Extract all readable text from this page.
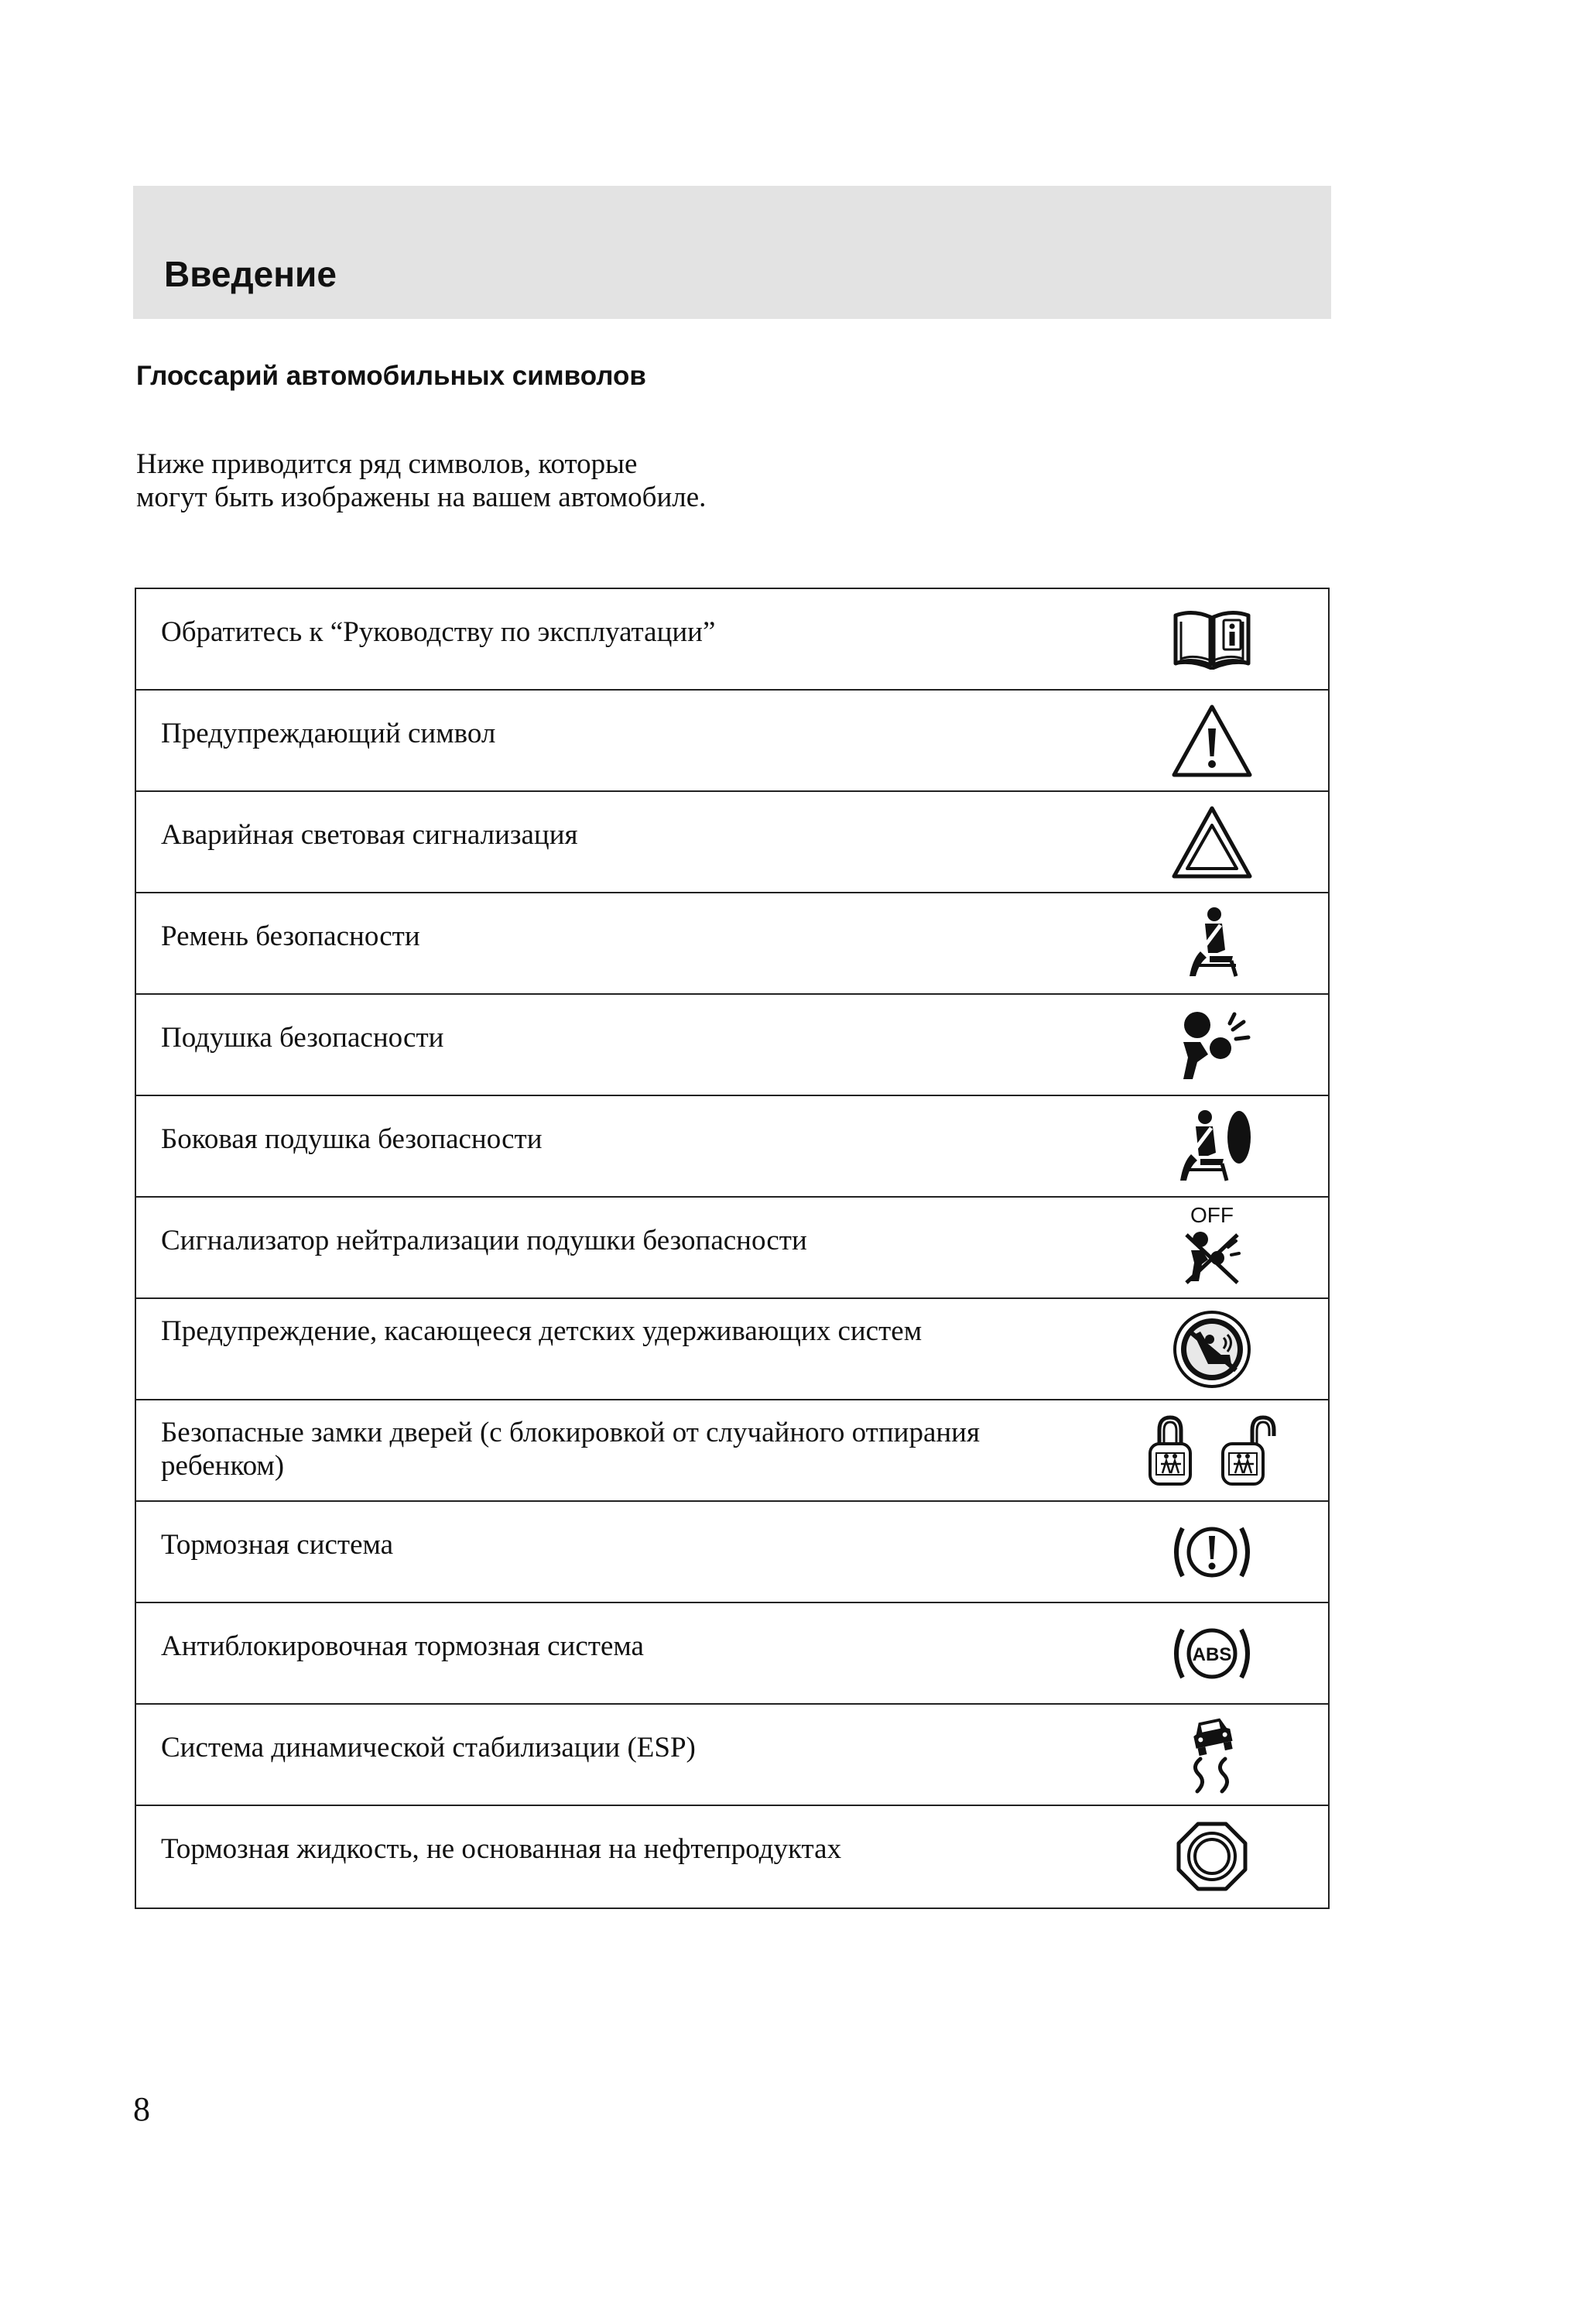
Введение
Глоссарий автомобильных символов
Ниже приводится ряд символов, которые могут быть изображены на вашем автомобиле.
Обратитесь к “Руководству по эксплуатации”
Предупреждающий символ
Аварийная световая сигнализация
Ремень безопасности
Подушка безопасности
Боковая подушка безопасности
Сигнализатор нейтрализации подушки безопасности
OFF
Предупреждение, касающееся детских удерживающих систем
Безопасные замки дверей (с блокировкой от случайного отпирания ребенком)
Тормозная система
Антиблокировочная тормозная система	ABS
Система динамической стабилизации (ESP)
Тормозная жидкость, не основанная на нефтепродуктах
8
